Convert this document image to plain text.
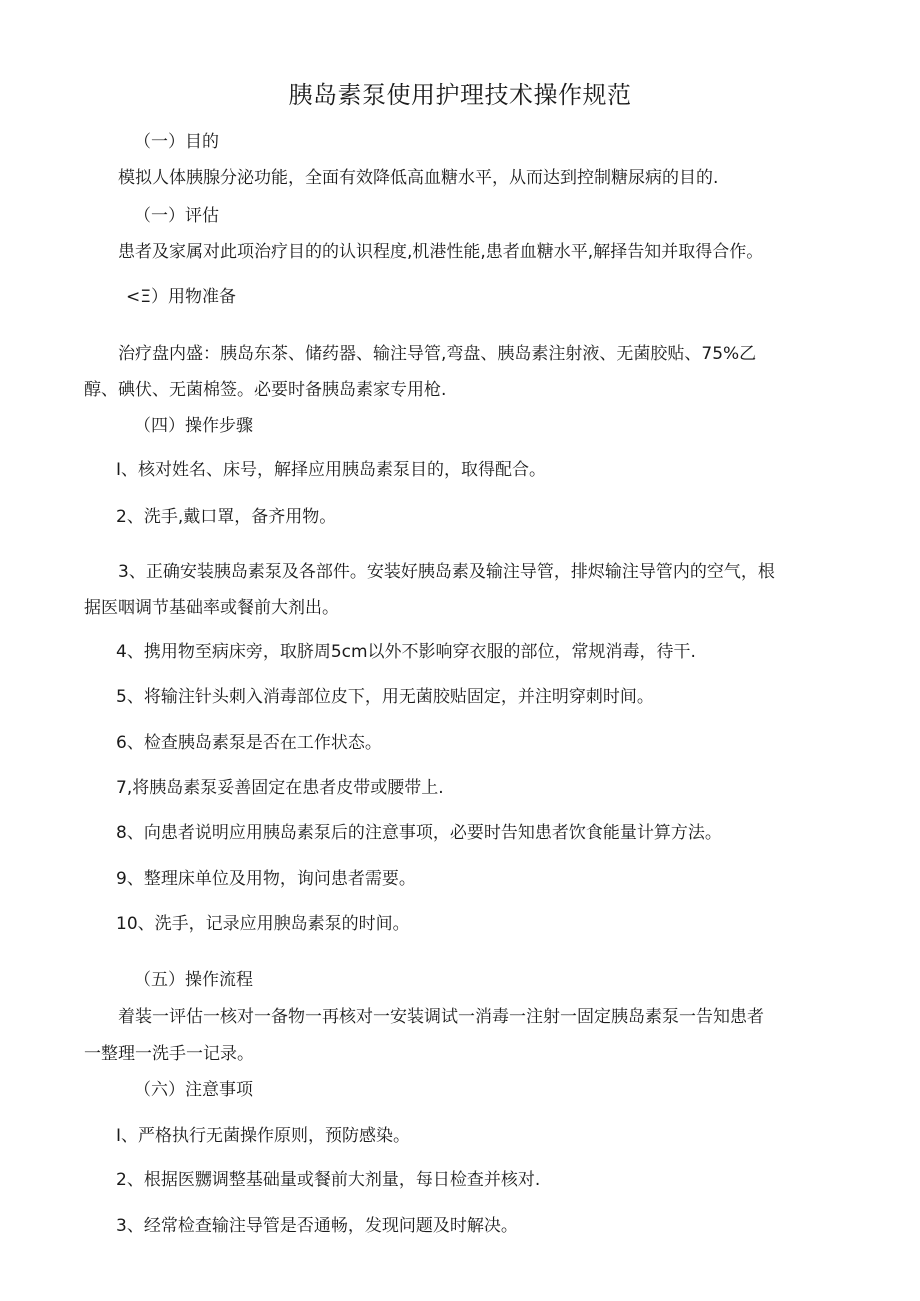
胰岛素泵使用护理技术操作规范
（一）目的
模拟人体胰腺分泌功能，全面有效降低高血糖水平，从而达到控制糖尿病的目的.
（一）评估
患者及家属对此项治疗目的的认识程度,机港性能,患者血糖水平,解择告知并取得合作。
<Ξ）用物准备
治疗盘内盛：胰岛东茶、储药器、输注导管,弯盘、胰岛素注射液、无菌胶贴、75%乙
醇、碘伏、无菌棉签。必要时备胰岛素家专用枪.
（四）操作步骤
I、核对姓名、床号，解择应用胰岛素泵目的，取得配合。
2、洗手,戴口罩，备齐用物。
3、正确安装胰岛素泵及各部件。安装好胰岛素及输注导管，排烬输注导管内的空气，根
据医咽调节基础率或餐前大剂出。
4、携用物至病床旁，取脐周5cm以外不影响穿衣服的部位，常规消毒，待干.
5、将输注针头刺入消毒部位皮下，用无菌胶贴固定，并注明穿刺时间。
6、检查胰岛素泵是否在工作状态。
7,将胰岛素泵妥善固定在患者皮带或腰带上.
8、向患者说明应用胰岛素泵后的注意事项，必要时告知患者饮食能量计算方法。
9、整理床单位及用物，询问患者需要。
10、洗手，记录应用腴岛素泵的时间。
（五）操作流程
着装一评估一核对一备物一再核对一安装调试一消毒一注射一固定胰岛素泵一告知患者
一整理一洗手一记录。
（六）注意事项
I、严格执行无菌操作原则，预防感染。
2、根据医嬲调整基础量或餐前大剂量，每日检查并核对.
3、经常检查输注导管是否通畅，发现问题及时解决。
